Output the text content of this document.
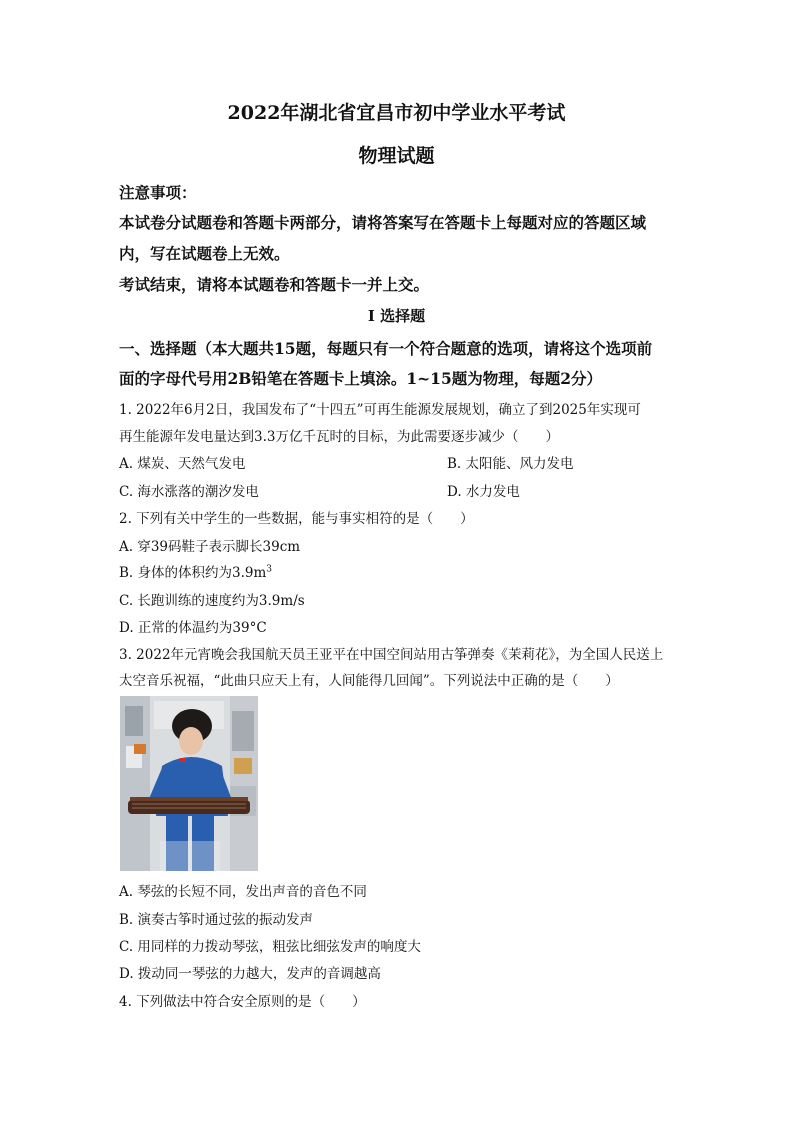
2022年湖北省宜昌市初中学业水平考试
物理试题
注意事项：
本试卷分试题卷和答题卡两部分，请将答案写在答题卡上每题对应的答题区域
内，写在试题卷上无效。
考试结束，请将本试题卷和答题卡一并上交。
I 选择题
一、选择题（本大题共15题，每题只有一个符合题意的选项，请将这个选项前
面的字母代号用2B铅笔在答题卡上填涂。1~15题为物理，每题2分）
1. 2022年6月2日，我国发布了“十四五”可再生能源发展规划，确立了到2025年实现可
再生能源年发电量达到3.3万亿千瓦时的目标，为此需要逐步减少（　　）
A. 煤炭、天然气发电	B. 太阳能、风力发电
C. 海水涨落的潮汐发电	D. 水力发电
2. 下列有关中学生的一些数据，能与事实相符的是（　　）
A. 穿39码鞋子表示脚长39cm
B. 身体的体积约为$3.9m^3$
C. 长跑训练的速度约为3.9m/s
D. 正常的体温约为39°C
3. 2022年元宵晚会我国航天员王亚平在中国空间站用古筝弹奏《茉莉花》，为全国人民送上
太空音乐祝福，“此曲只应天上有，人间能得几回闻”。下列说法中正确的是（　　）
A. 琴弦的长短不同，发出声音的音色不同
B. 演奏古筝时通过弦的振动发声
C. 用同样的力拨动琴弦，粗弦比细弦发声的响度大
D. 拨动同一琴弦的力越大，发声的音调越高
4. 下列做法中符合安全原则的是（　　）
